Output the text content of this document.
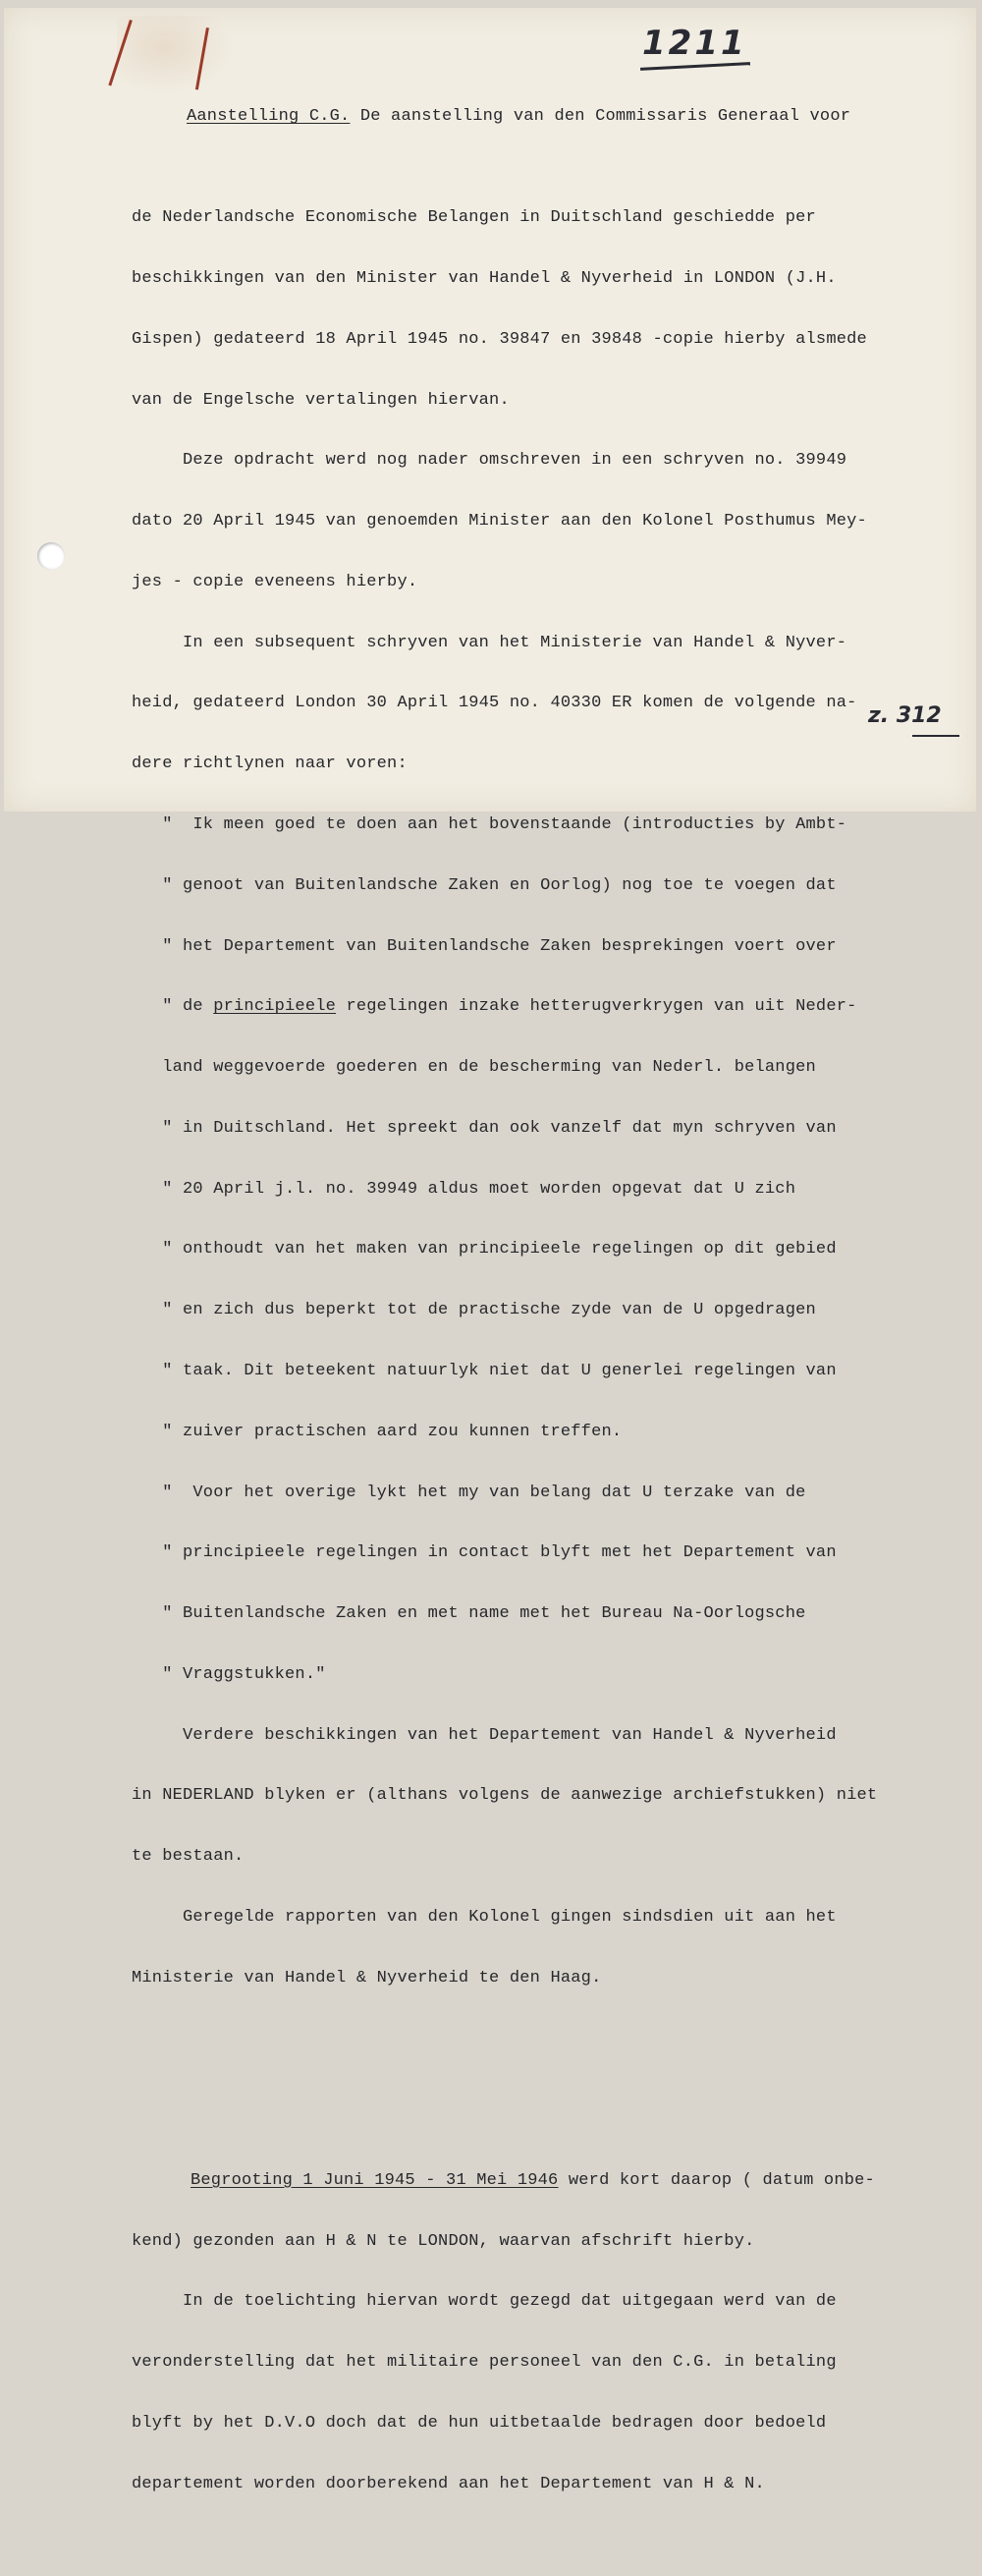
1211
z. 312

Aanstelling C.G. De aanstelling van den Commissaris Generaal voor

de Nederlandsche Economische Belangen in Duitschland geschiedde per

beschikkingen van den Minister van Handel & Nyverheid in LONDON (J.H.

Gispen) gedateerd 18 April 1945 no. 39847 en 39848 -copie hierby alsmede

van de Engelsche vertalingen hiervan.

Deze opdracht werd nog nader omschreven in een schryven no. 39949

dato 20 April 1945 van genoemden Minister aan den Kolonel Posthumus Mey-

jes - copie eveneens hierby.

In een subsequent schryven van het Ministerie van Handel & Nyver-

heid, gedateerd London 30 April 1945 no. 40330 ER komen de volgende na-

dere richtlynen naar voren:

"  Ik meen goed te doen aan het bovenstaande (introducties by Ambt-

" genoot van Buitenlandsche Zaken en Oorlog) nog toe te voegen dat

" het Departement van Buitenlandsche Zaken besprekingen voert over

" de principieele regelingen inzake hetterugverkrygen van uit Neder-

land weggevoerde goederen en de bescherming van Nederl. belangen

" in Duitschland. Het spreekt dan ook vanzelf dat myn schryven van

" 20 April j.l. no. 39949 aldus moet worden opgevat dat U zich

" onthoudt van het maken van principieele regelingen op dit gebied

" en zich dus beperkt tot de practische zyde van de U opgedragen

" taak. Dit beteekent natuurlyk niet dat U generlei regelingen van

" zuiver practischen aard zou kunnen treffen.

"  Voor het overige lykt het my van belang dat U terzake van de

" principieele regelingen in contact blyft met het Departement van

" Buitenlandsche Zaken en met name met het Bureau Na-Oorlogsche

" Vraggstukken."

Verdere beschikkingen van het Departement van Handel & Nyverheid

in NEDERLAND blyken er (althans volgens de aanwezige archiefstukken) niet

te bestaan.

Geregelde rapporten van den Kolonel gingen sindsdien uit aan het

Ministerie van Handel & Nyverheid te den Haag.

Begrooting 1 Juni 1945 - 31 Mei 1946 werd kort daarop ( datum onbe-

kend) gezonden aan H & N te LONDON, waarvan afschrift hierby.

In de toelichting hiervan wordt gezegd dat uitgegaan werd van de

veronderstelling dat het militaire personeel van den C.G. in betaling

blyft by het D.V.O doch dat de hun uitbetaalde bedragen door bedoeld

departement worden doorberekend aan het Departement van H & N.
